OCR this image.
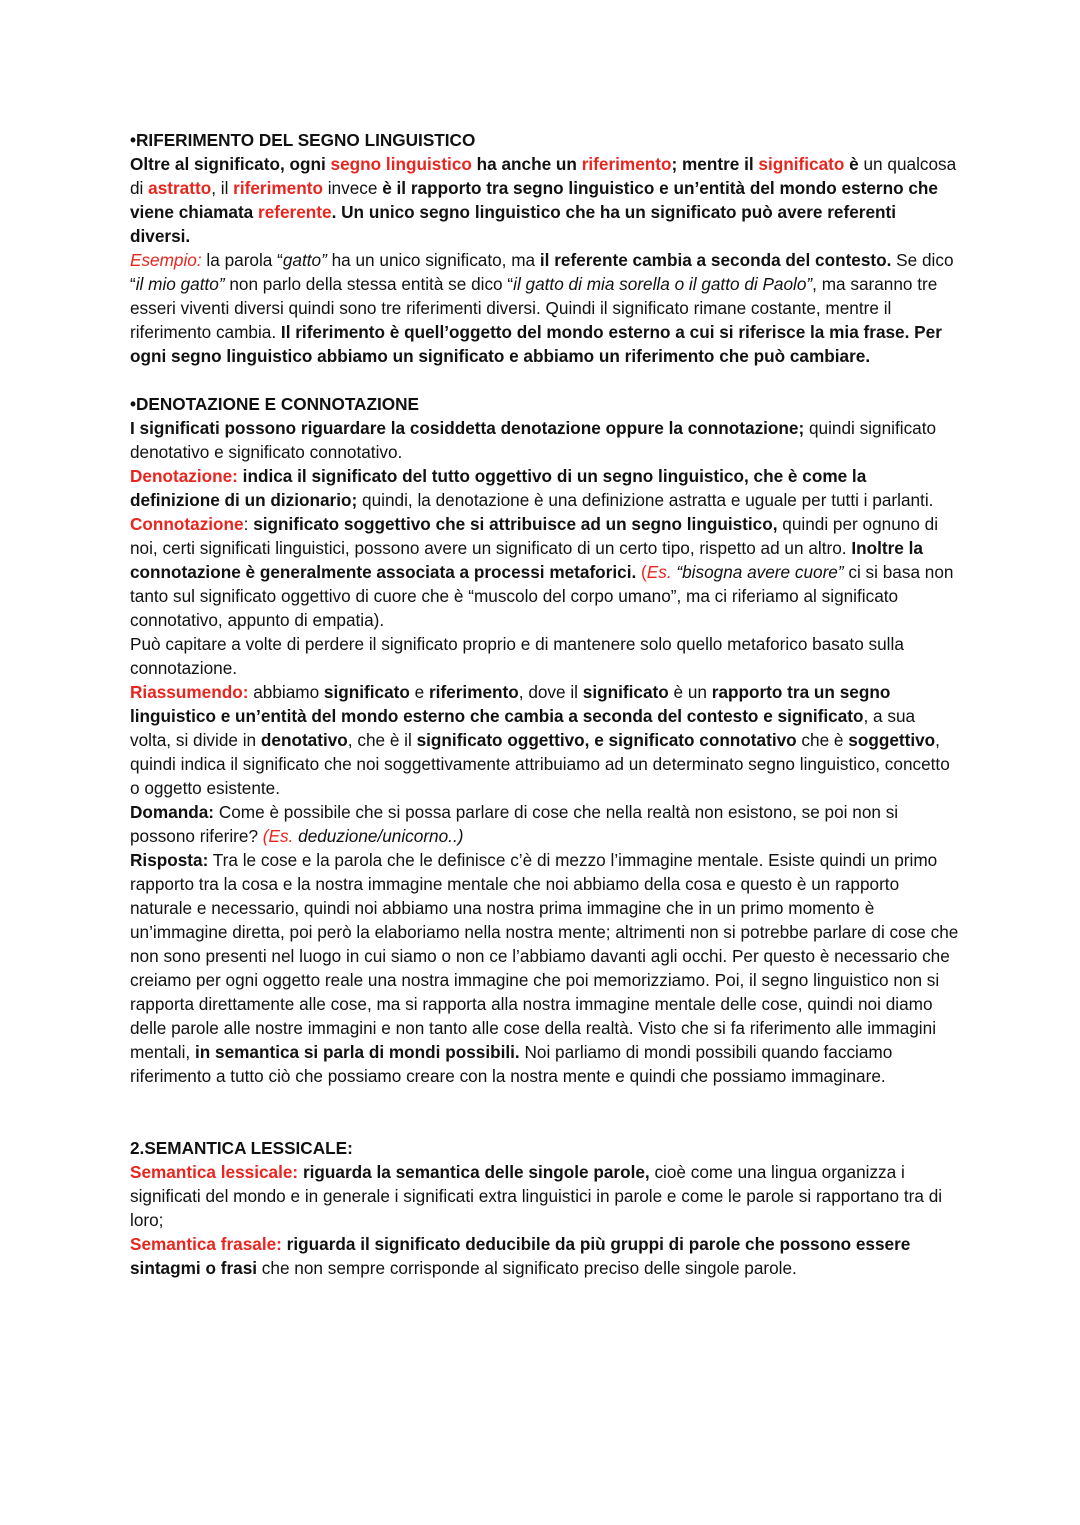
•RIFERIMENTO DEL SEGNO LINGUISTICO

Oltre al significato, ogni segno linguistico ha anche un riferimento; mentre il significato è un qualcosa di astratto, il riferimento invece è il rapporto tra segno linguistico e un’entità del mondo esterno che viene chiamata referente. Un unico segno linguistico che ha un significato può avere referenti diversi.

Esempio: la parola “gatto” ha un unico significato, ma il referente cambia a seconda del contesto. Se dico “il mio gatto” non parlo della stessa entità se dico “il gatto di mia sorella o il gatto di Paolo”, ma saranno tre esseri viventi diversi quindi sono tre riferimenti diversi. Quindi il significato rimane costante, mentre il riferimento cambia. Il riferimento è quell’oggetto del mondo esterno a cui si riferisce la mia frase. Per ogni segno linguistico abbiamo un significato e abbiamo un riferimento che può cambiare.

•DENOTAZIONE E CONNOTAZIONE

I significati possono riguardare la cosiddetta denotazione oppure la connotazione; quindi significato denotativo e significato connotativo.

Denotazione: indica il significato del tutto oggettivo di un segno linguistico, che è come la definizione di un dizionario; quindi, la denotazione è una definizione astratta e uguale per tutti i parlanti.

Connotazione: significato soggettivo che si attribuisce ad un segno linguistico, quindi per ognuno di noi, certi significati linguistici, possono avere un significato di un certo tipo, rispetto ad un altro. Inoltre la connotazione è generalmente associata a processi metaforici. (Es. “bisogna avere cuore” ci si basa non tanto sul significato oggettivo di cuore che è “muscolo del corpo umano”, ma ci riferiamo al significato connotativo, appunto di empatia).

Può capitare a volte di perdere il significato proprio e di mantenere solo quello metaforico basato sulla connotazione.

Riassumendo: abbiamo significato e riferimento, dove il significato è un rapporto tra un segno linguistico e un’entità del mondo esterno che cambia a seconda del contesto e significato, a sua volta, si divide in denotativo, che è il significato oggettivo, e significato connotativo che è soggettivo, quindi indica il significato che noi soggettivamente attribuiamo ad un determinato segno linguistico, concetto o oggetto esistente.

Domanda: Come è possibile che si possa parlare di cose che nella realtà non esistono, se poi non si possono riferire? (Es. deduzione/unicorno..)

Risposta: Tra le cose e la parola che le definisce c’è di mezzo l’immagine mentale. Esiste quindi un primo rapporto tra la cosa e la nostra immagine mentale che noi abbiamo della cosa e questo è un rapporto naturale e necessario, quindi noi abbiamo una nostra prima immagine che in un primo momento è un’immagine diretta, poi però la elaboriamo nella nostra mente; altrimenti non si potrebbe parlare di cose che non sono presenti nel luogo in cui siamo o non ce l’abbiamo davanti agli occhi. Per questo è necessario che creiamo per ogni oggetto reale una nostra immagine che poi memorizziamo. Poi, il segno linguistico non si rapporta direttamente alle cose, ma si rapporta alla nostra immagine mentale delle cose, quindi noi diamo delle parole alle nostre immagini e non tanto alle cose della realtà. Visto che si fa riferimento alle immagini mentali, in semantica si parla di mondi possibili. Noi parliamo di mondi possibili quando facciamo riferimento a tutto ciò che possiamo creare con la nostra mente e quindi che possiamo immaginare.

2.SEMANTICA LESSICALE:

Semantica lessicale: riguarda la semantica delle singole parole, cioè come una lingua organizza i significati del mondo e in generale i significati extra linguistici in parole e come le parole si rapportano tra di loro;

Semantica frasale: riguarda il significato deducibile da più gruppi di parole che possono essere sintagmi o frasi che non sempre corrisponde al significato preciso delle singole parole.
